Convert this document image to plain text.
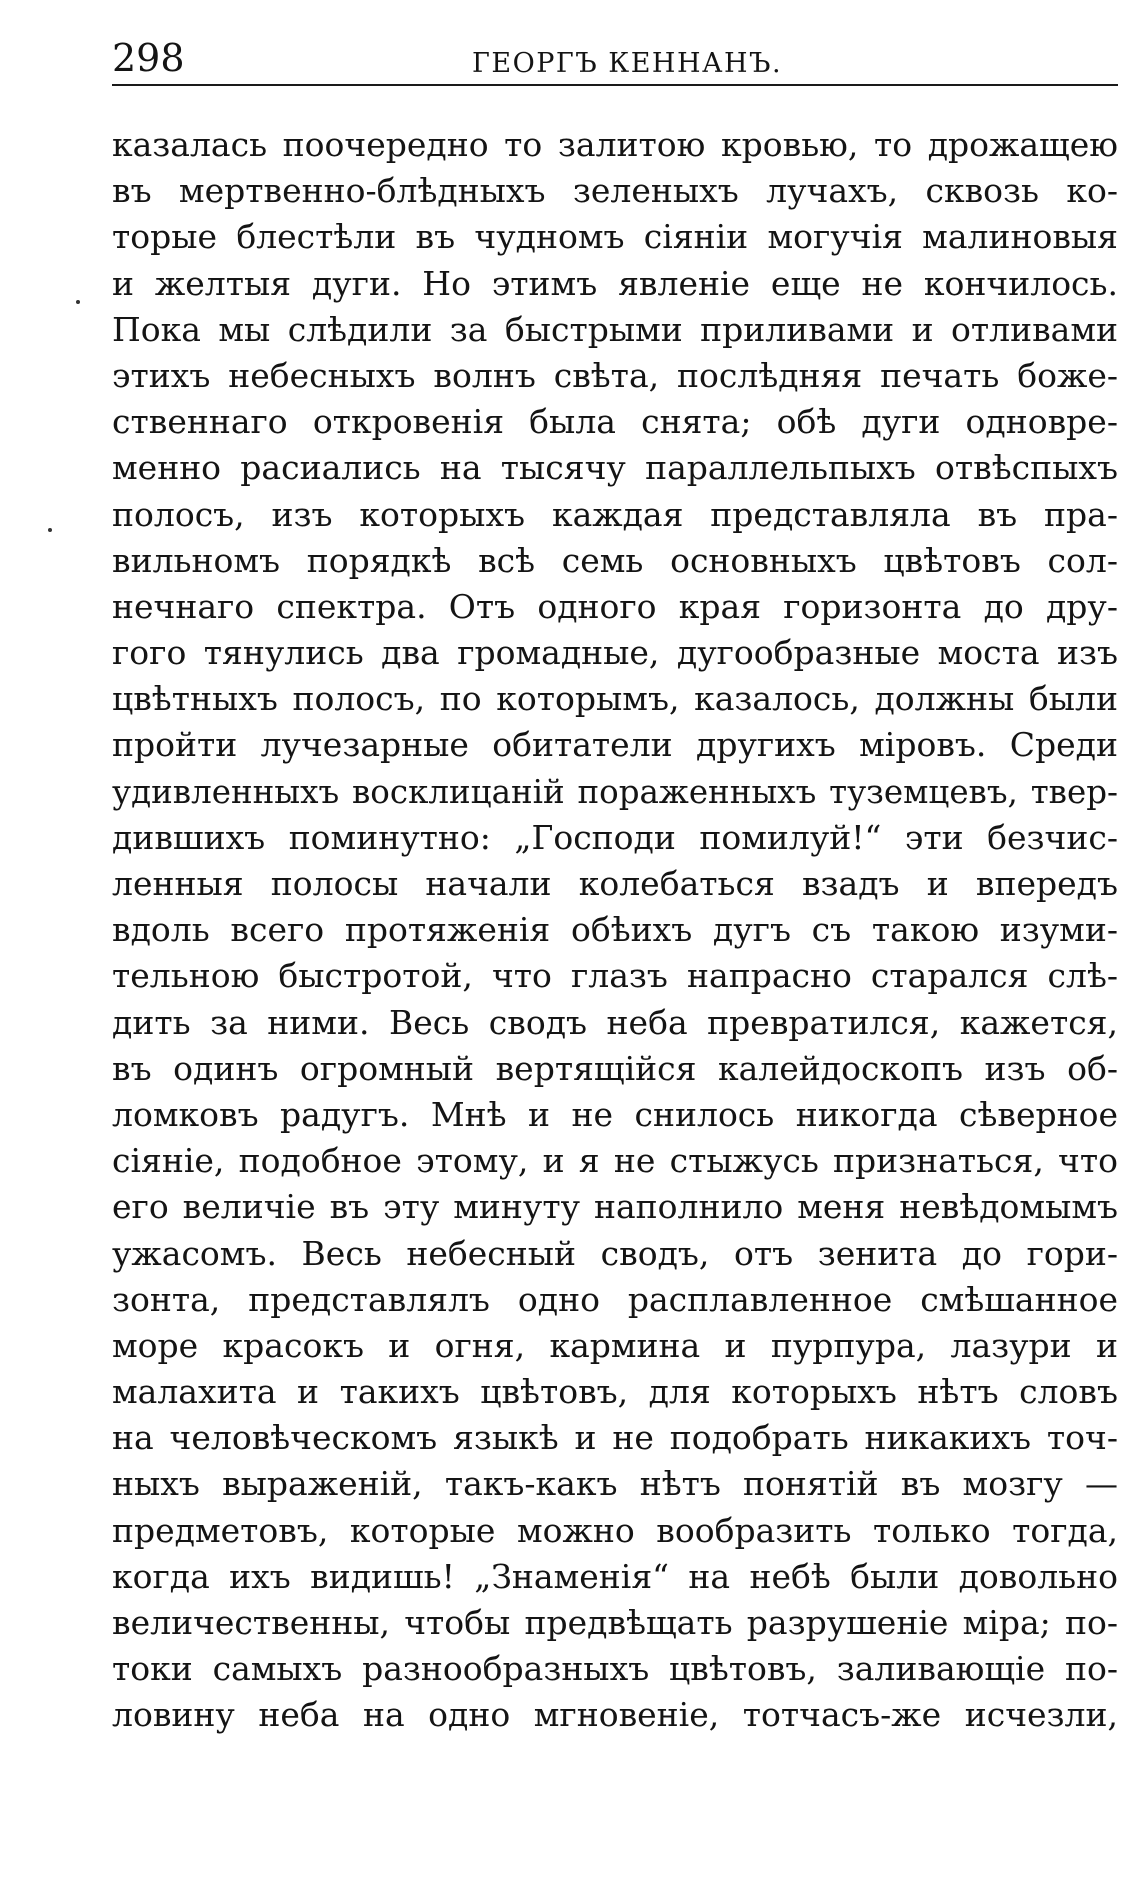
298	ГЕОРГЪ КЕННАНЪ.
казалась поочередно то залитою кровью, то дрожащею
въ мертвенно-блѣдныхъ зеленыхъ лучахъ, сквозь ко-
торые блестѣли въ чудномъ сіяніи могучія малиновыя
и желтыя дуги. Но этимъ явленіе еще не кончилось.
Пока мы слѣдили за быстрыми приливами и отливами
этихъ небесныхъ волнъ свѣта, послѣдняя печать боже-
ственнаго откровенія была снята; обѣ дуги одновре-
менно расиались на тысячу параллельпыхъ отвѣспыхъ
полосъ, изъ которыхъ каждая представляла въ пра-
вильномъ порядкѣ всѣ семь основныхъ цвѣтовъ сол-
нечнаго спектра. Отъ одного края горизонта до дру-
гого тянулись два громадные, дугообразные моста изъ
цвѣтныхъ полосъ, по которымъ, казалось, должны были
пройти лучезарные обитатели другихъ міровъ. Среди
удивленныхъ восклицаній пораженныхъ туземцевъ, твер-
дившихъ поминутно: „Господи помилуй!“ эти безчис-
ленныя полосы начали колебаться взадъ и впередъ
вдоль всего протяженія обѣихъ дугъ съ такою изуми-
тельною быстротой, что глазъ напрасно старался слѣ-
дить за ними. Весь сводъ неба превратился, кажется,
въ одинъ огромный вертящійся калейдоскопъ изъ об-
ломковъ радугъ. Мнѣ и не снилось никогда сѣверное
сіяніе, подобное этому, и я не стыжусь признаться, что
его величіе въ эту минуту наполнило меня невѣдомымъ
ужасомъ. Весь небесный сводъ, отъ зенита до гори-
зонта, представлялъ одно расплавленное смѣшанное
море красокъ и огня, кармина и пурпура, лазури и
малахита и такихъ цвѣтовъ, для которыхъ нѣтъ словъ
на человѣческомъ языкѣ и не подобрать никакихъ точ-
ныхъ выраженій, такъ-какъ нѣтъ понятій въ мозгу —
предметовъ, которые можно вообразить только тогда,
когда ихъ видишь! „Знаменія“ на небѣ были довольно
величественны, чтобы предвѣщать разрушеніе міра; по-
токи самыхъ разнообразныхъ цвѣтовъ, заливающіе по-
ловину неба на одно мгновеніе, тотчасъ-же исчезли,
